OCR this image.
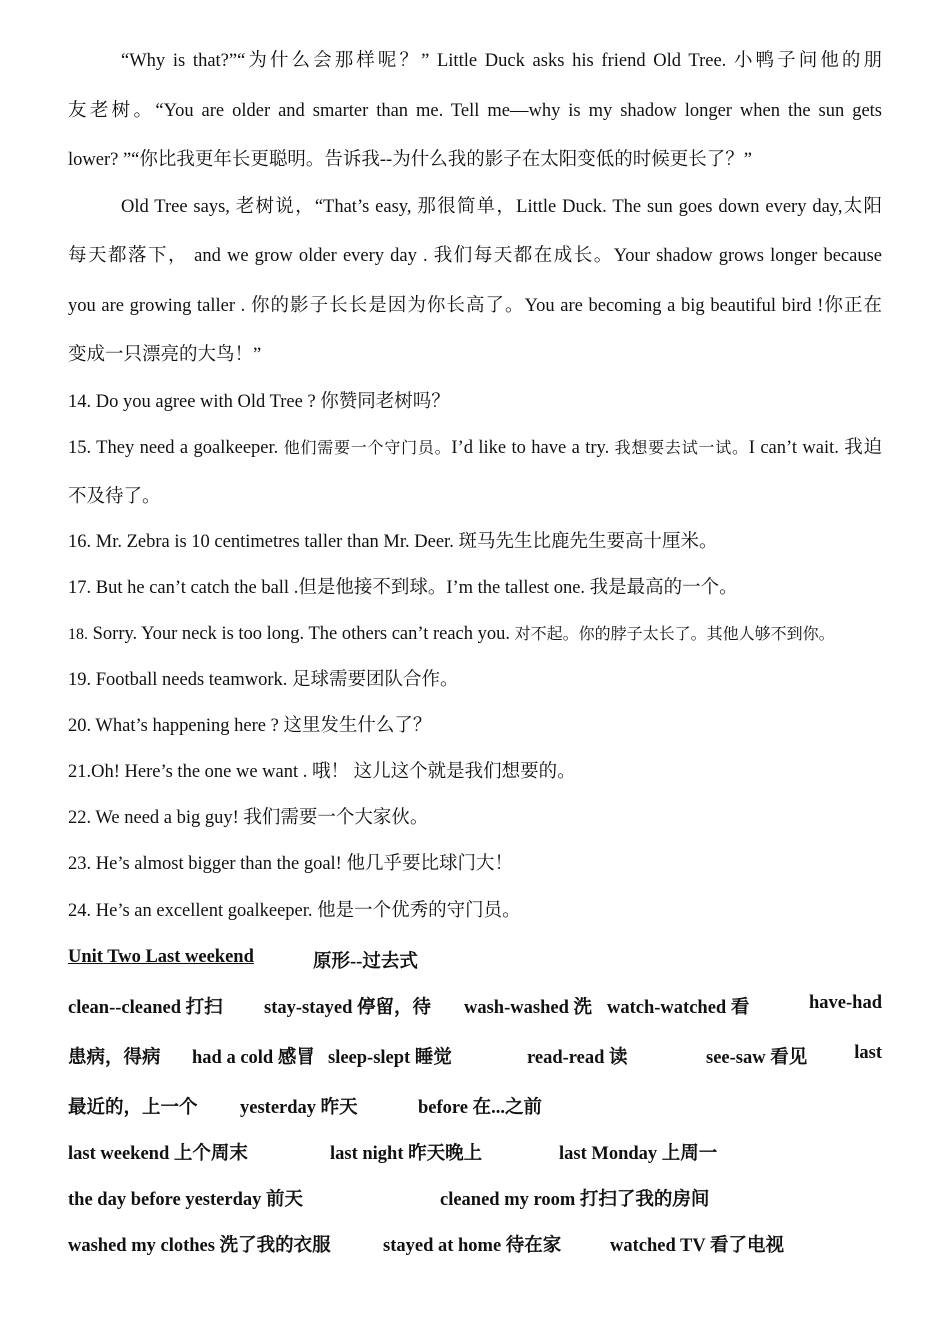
“Why is that?”“为什么会那样呢？” Little Duck asks his friend Old Tree. 小鸭子问他的朋
友老树。“You are older and smarter than me. Tell me—why is my shadow longer when the sun gets
lower? ”“你比我更年长更聪明。告诉我--为什么我的影子在太阳变低的时候更长了？”
Old Tree says, 老树说，“That’s easy, 那很简单，Little Duck. The sun goes down every day,太阳
每天都落下， and we grow older every day . 我们每天都在成长。Your shadow grows longer because
you are growing taller . 你的影子长长是因为你长高了。You are becoming a big beautiful bird !你正在
变成一只漂亮的大鸟！”
14. Do you agree with Old Tree ? 你赞同老树吗？
15. They need a goalkeeper. 他们需要一个守门员。I’d like to have a try. 我想要去试一试。I can’t wait. 我迫
不及待了。
16. Mr. Zebra is 10 centimetres taller than Mr. Deer. 斑马先生比鹿先生要高十厘米。
17. But he can’t catch the ball .但是他接不到球。I’m the tallest one. 我是最高的一个。
18. Sorry. Your neck is too long. The others can’t reach you. 对不起。你的脖子太长了。其他人够不到你。
19. Football needs teamwork. 足球需要团队合作。
20. What’s happening here ? 这里发生什么了？
21.Oh! Here’s the one we want . 哦！ 这儿这个就是我们想要的。
22. We need a big guy! 我们需要一个大家伙。
23. He’s almost bigger than the goal! 他几乎要比球门大！
24. He’s an excellent goalkeeper. 他是一个优秀的守门员。
Unit Two Last weekend	原形--过去式
clean--cleaned 打扫 stay-stayed 停留，待 wash-washed 洗 watch-watched 看	have-had
患病，得病 had a cold 感冒 sleep-slept 睡觉	read-read 读	see-saw 看见	last
最近的，上一个 yesterday 昨天	before 在...之前
last weekend 上个周末	last night 昨天晚上	last Monday 上周一
the day before yesterday 前天	cleaned my room 打扫了我的房间
washed my clothes 洗了我的衣服	stayed at home 待在家	watched TV 看了电视
